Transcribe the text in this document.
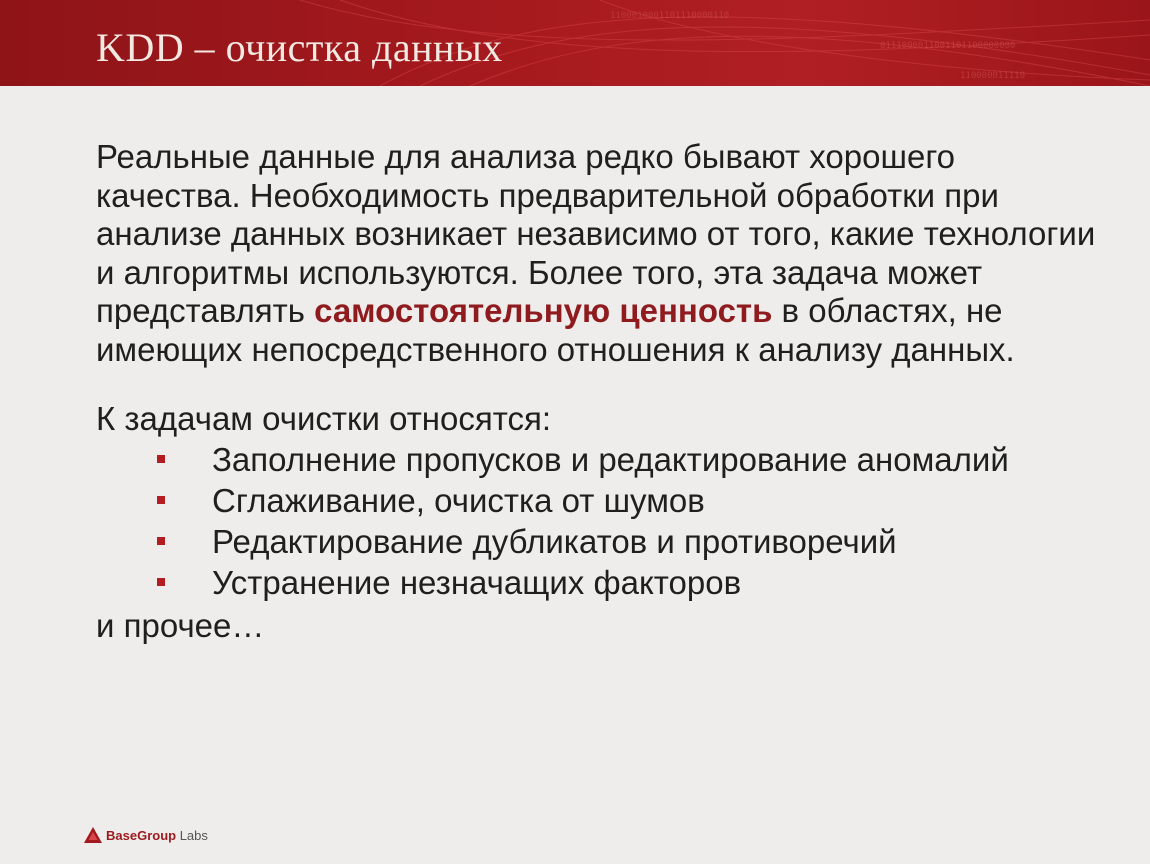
1100010001101110000110
0111000011001101100000000
110000011110
KDD – очистка данных

Реальные данные для анализа редко бывают хорошего качества. Необходимость предварительной обработки при анализе данных возникает независимо от того, какие технологии и алгоритмы используются. Более того, эта задача может представлять самостоятельную ценность в областях, не имеющих непосредственного отношения к анализу данных.

К задачам очистки относятся:

Заполнение пропусков и редактирование аномалий
Сглаживание, очистка от шумов
Редактирование дубликатов и противоречий
Устранение незначащих факторов

и прочее…

BaseGroup Labs
